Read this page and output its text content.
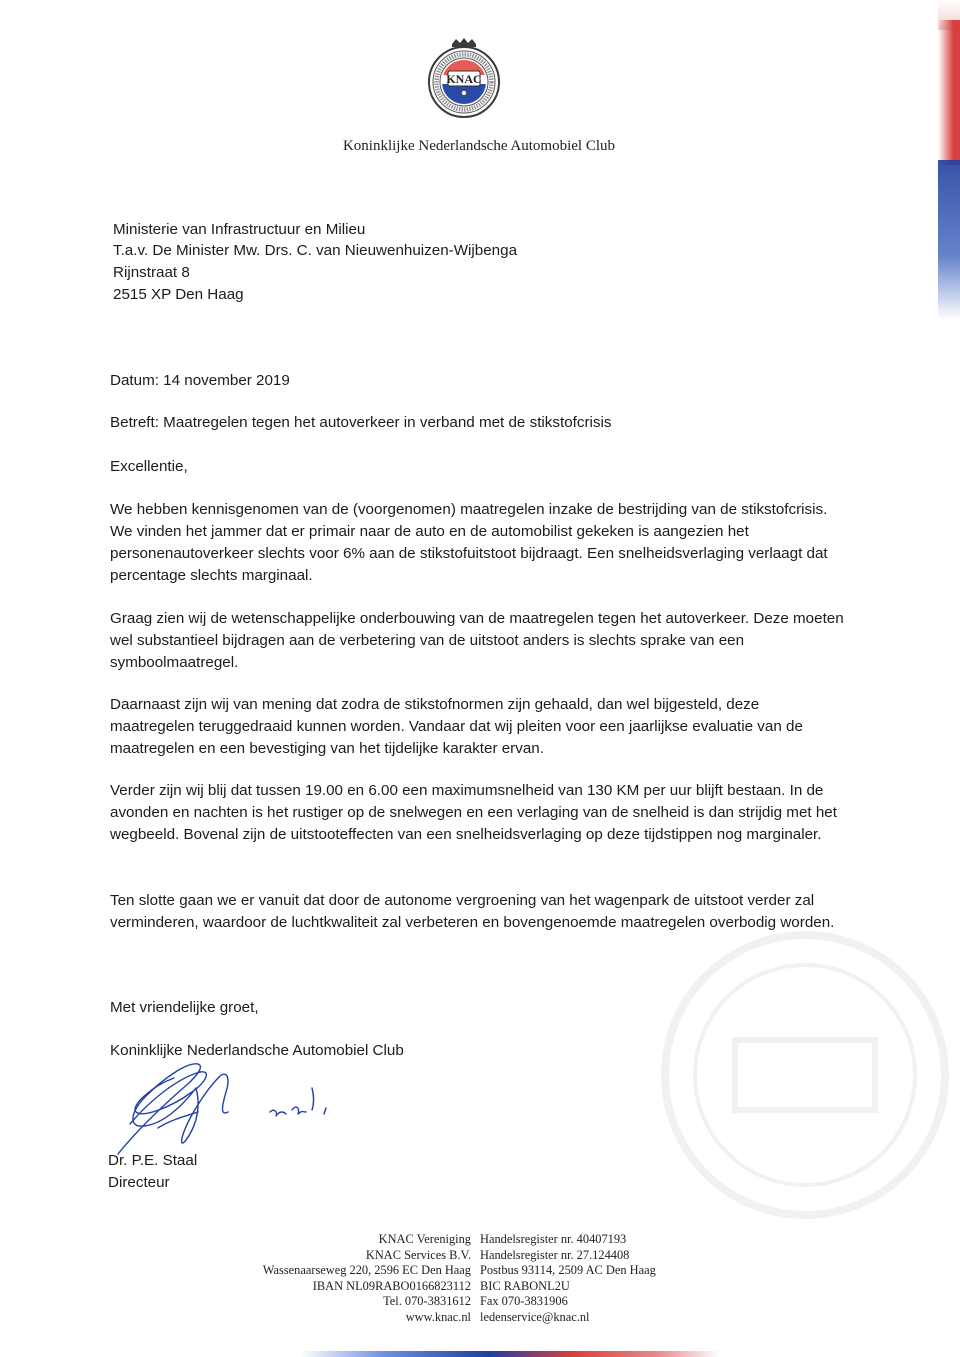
KNAC
Koninklijke Nederlandsche Automobiel Club
Ministerie van Infrastructuur en Milieu
T.a.v. De Minister Mw. Drs. C. van Nieuwenhuizen-Wijbenga
Rijnstraat 8
2515 XP Den Haag
Datum: 14 november 2019
Betreft: Maatregelen tegen het autoverkeer in verband met de stikstofcrisis
Excellentie,

We hebben kennisgenomen van de (voorgenomen) maatregelen inzake de bestrijding van de stikstofcrisis. We vinden het jammer dat er primair naar de auto en de automobilist gekeken is aangezien het personenautoverkeer slechts voor 6% aan de stikstofuitstoot bijdraagt. Een snelheidsverlaging verlaagt dat percentage slechts marginaal.

Graag zien wij de wetenschappelijke onderbouwing van de maatregelen tegen het autoverkeer. Deze moeten wel substantieel bijdragen aan de verbetering van de uitstoot anders is slechts sprake van een symboolmaatregel.

Daarnaast zijn wij van mening dat zodra de stikstofnormen zijn gehaald, dan wel bijgesteld, deze maatregelen teruggedraaid kunnen worden. Vandaar dat wij pleiten voor een jaarlijkse evaluatie van de maatregelen en een bevestiging van het tijdelijke karakter ervan.

Verder zijn wij blij dat tussen 19.00 en 6.00 een maximumsnelheid van 130 KM per uur blijft bestaan. In de avonden en nachten is het rustiger op de snelwegen en een verlaging van de snelheid is dan strijdig met het wegbeeld. Bovenal zijn de uitstooteffecten van een snelheidsverlaging op deze tijdstippen nog marginaler.

Ten slotte gaan we er vanuit dat door de autonome vergroening van het wagenpark de uitstoot verder zal verminderen, waardoor de luchtkwaliteit zal verbeteren en bovengenoemde maatregelen overbodig worden.

Met vriendelijke groet,
Koninklijke Nederlandsche Automobiel Club
Dr. P.E. Staal
Directeur
KNAC Vereniging Handelsregister nr. 40407193
KNAC Services B.V. Handelsregister nr. 27.124408
Wassenaarseweg 220, 2596 EC Den Haag Postbus 93114, 2509 AC Den Haag
IBAN NL09RABO0166823112 BIC RABONL2U
Tel. 070-3831612 Fax 070-3831906
www.knac.nl ledenservice@knac.nl
